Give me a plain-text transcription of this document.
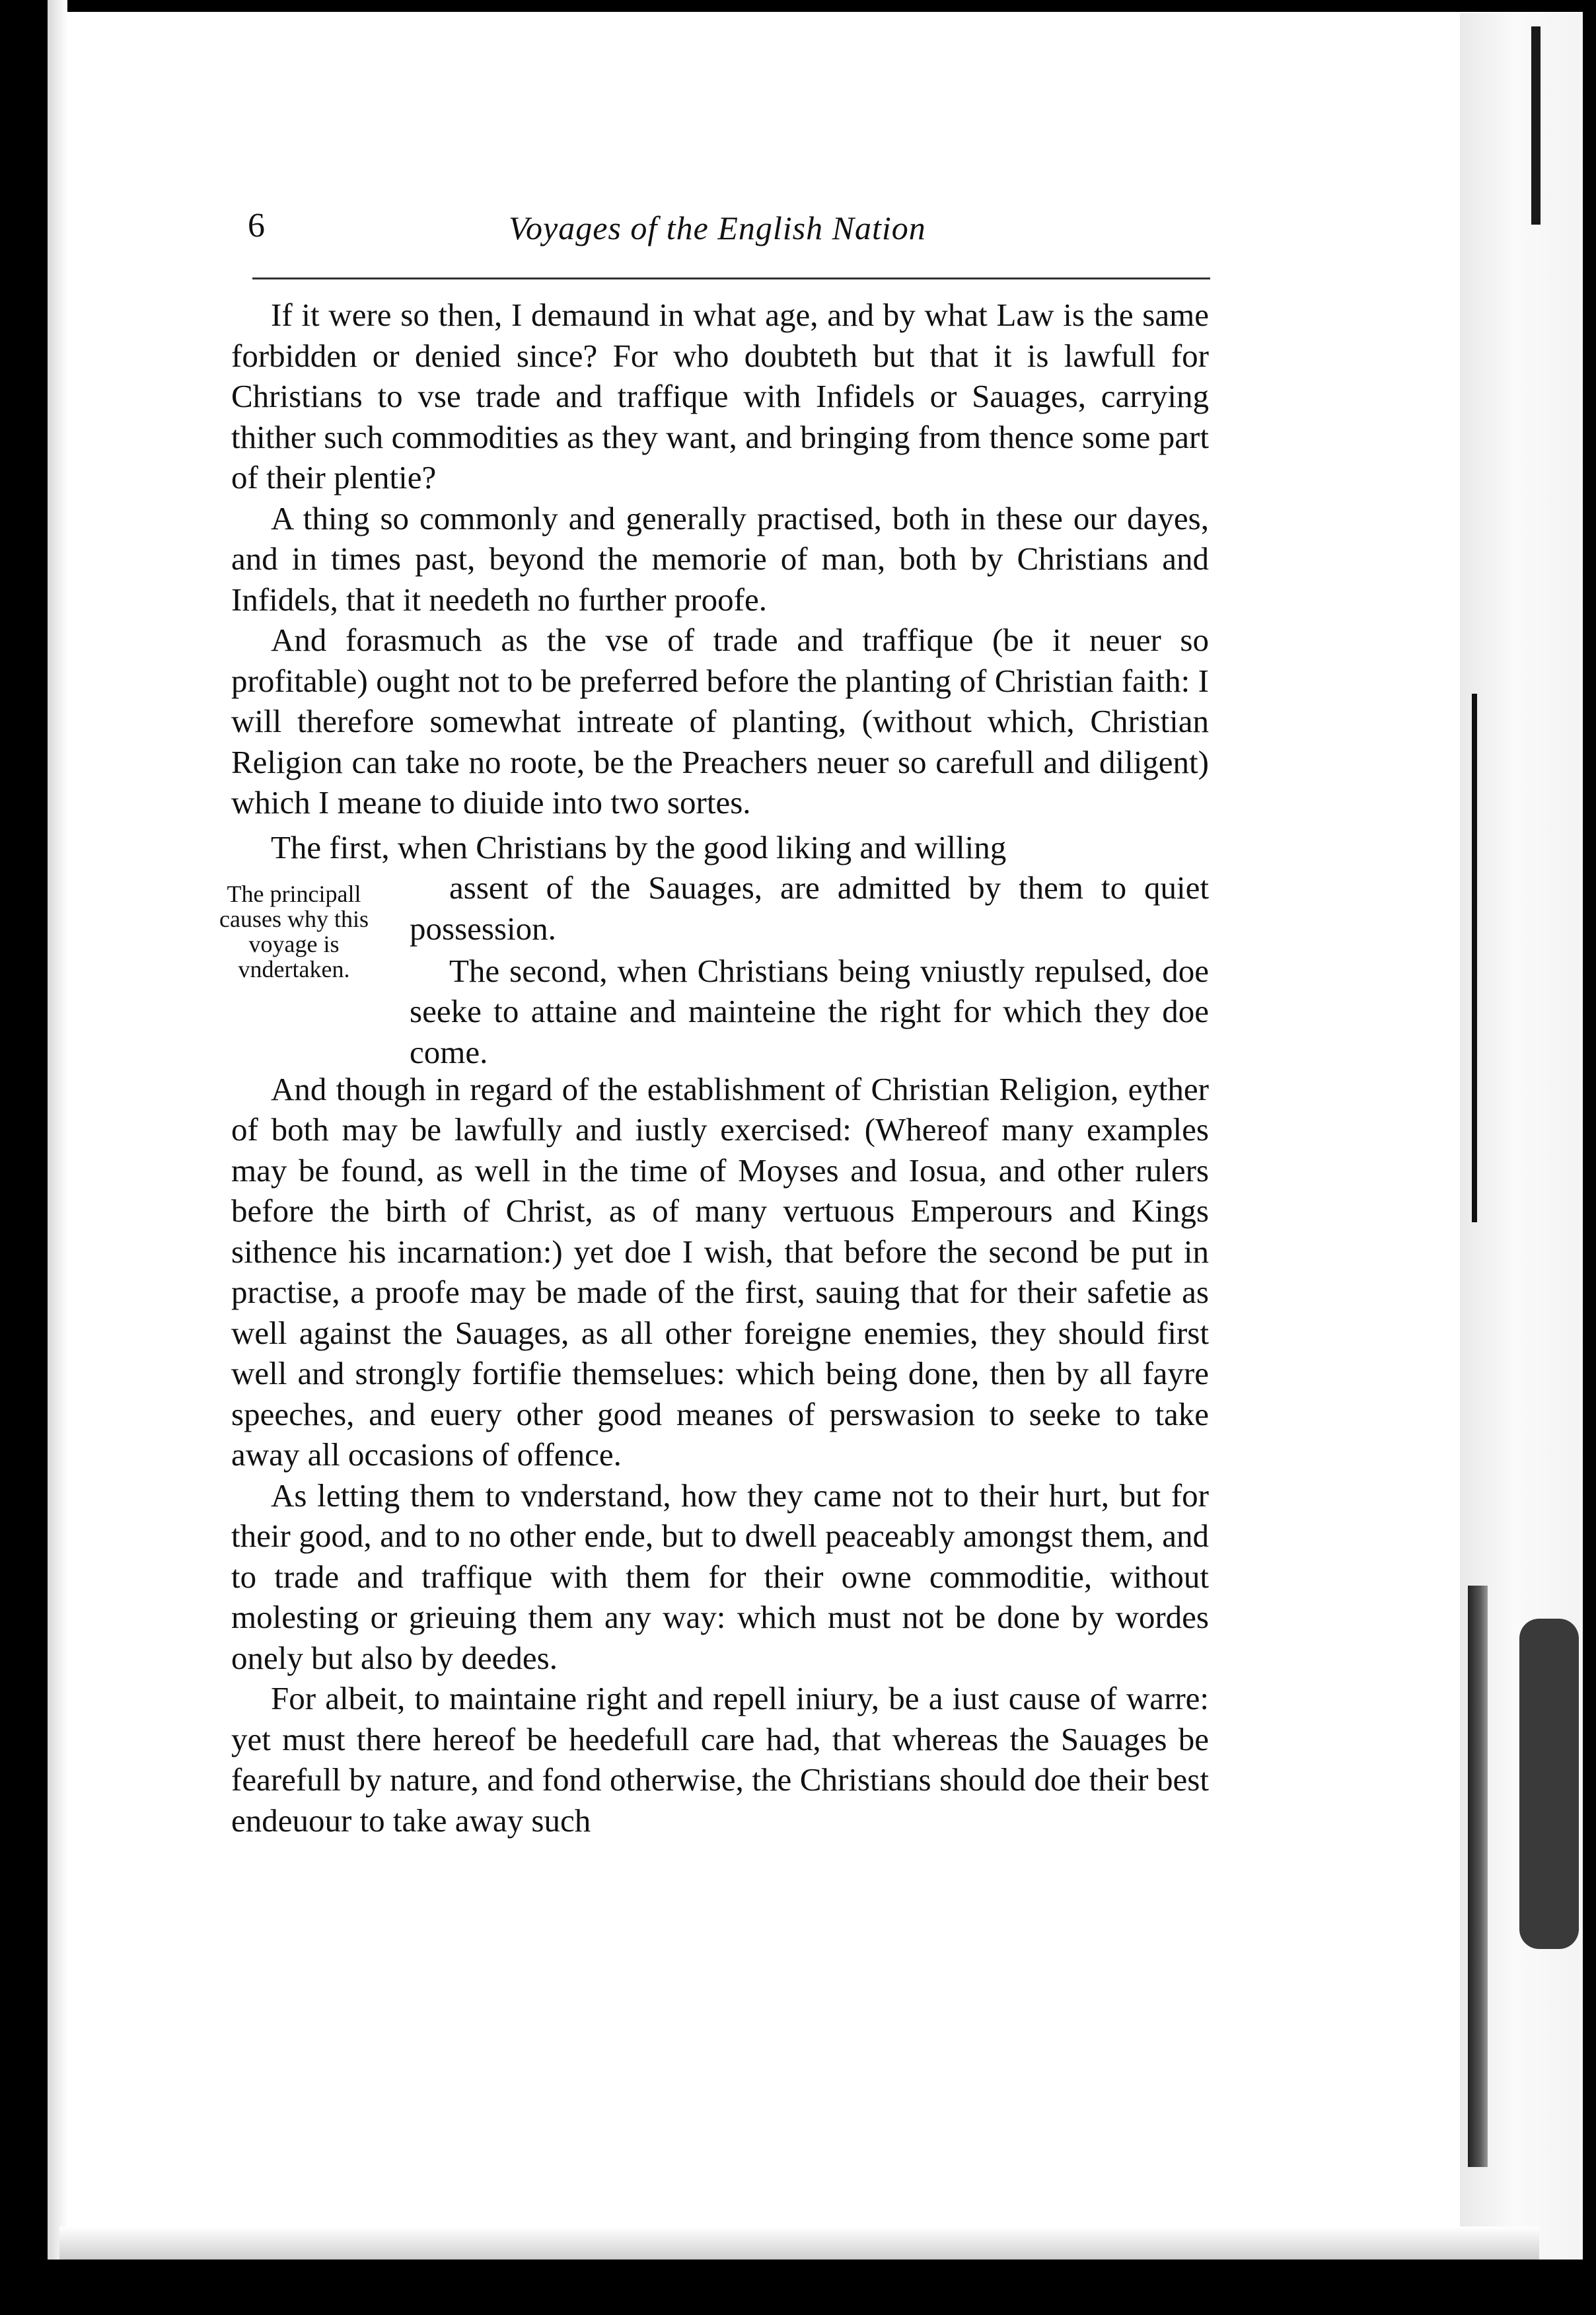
6	Voyages of the English Nation

If it were so then, I demaund in what age, and by what Law is the same forbidden or denied since? For who doubteth but that it is lawfull for Christians to vse trade and traffique with Infidels or Sauages, carrying thither such commodities as they want, and bringing from thence some part of their plentie?

A thing so commonly and generally practised, both in these our dayes, and in times past, beyond the memorie of man, both by Christians and Infidels, that it needeth no further proofe.

And forasmuch as the vse of trade and traffique (be it neuer so profitable) ought not to be preferred before the planting of Christian faith: I will therefore somewhat intreate of planting, (without which, Christian Religion can take no roote, be the Preachers neuer so carefull and diligent) which I meane to diuide into two sortes.

The first, when Christians by the good liking and willing
assent of the Sauages, are admitted by them to quiet possession.

The second, when Christians being vniustly repulsed, doe seeke to attaine and mainteine the right for which they doe come.

The principall causes why this voyage is vndertaken.

And though in regard of the establishment of Christian Religion, eyther of both may be lawfully and iustly exercised: (Whereof many examples may be found, as well in the time of Moyses and Iosua, and other rulers before the birth of Christ, as of many vertuous Emperours and Kings sithence his incarnation:) yet doe I wish, that before the second be put in practise, a proofe may be made of the first, sauing that for their safetie as well against the Sauages, as all other foreigne enemies, they should first well and strongly fortifie themselues: which being done, then by all fayre speeches, and euery other good meanes of perswasion to seeke to take away all occasions of offence.

As letting them to vnderstand, how they came not to their hurt, but for their good, and to no other ende, but to dwell peaceably amongst them, and to trade and traffique with them for their owne commoditie, without molesting or grieuing them any way: which must not be done by wordes onely but also by deedes.

For albeit, to maintaine right and repell iniury, be a iust cause of warre: yet must there hereof be heedefull care had, that whereas the Sauages be fearefull by nature, and fond otherwise, the Christians should doe their best endeuour to take away such
